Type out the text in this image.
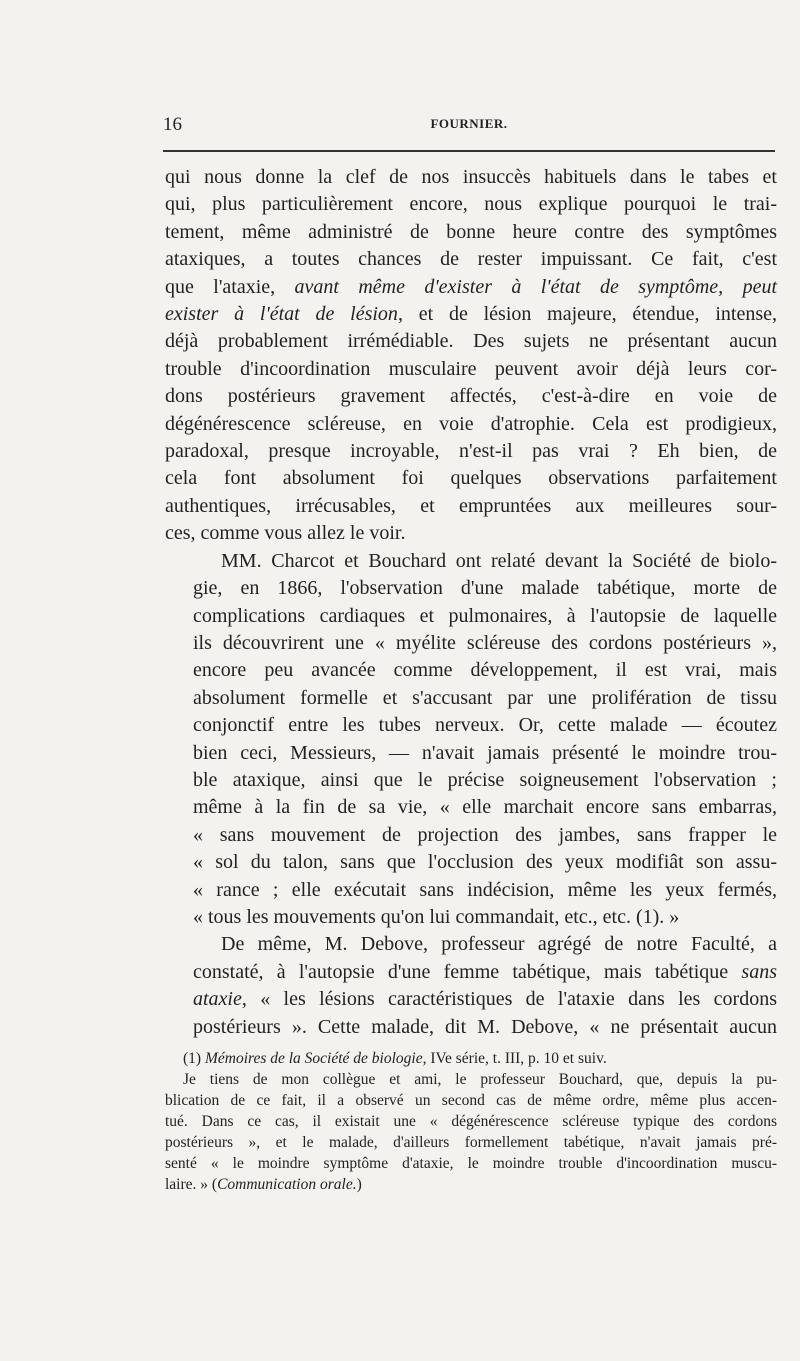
16	FOURNIER.

qui nous donne la clef de nos insuccès habituels dans le tabes et
qui, plus particulièrement encore, nous explique pourquoi le trai-
tement, même administré de bonne heure contre des symptômes
ataxiques, a toutes chances de rester impuissant. Ce fait, c'est
que l'ataxie, avant même d'exister à l'état de symptôme, peut
exister à l'état de lésion, et de lésion majeure, étendue, intense,
déjà probablement irrémédiable. Des sujets ne présentant aucun
trouble d'incoordination musculaire peuvent avoir déjà leurs cor-
dons postérieurs gravement affectés, c'est-à-dire en voie de
dégénérescence scléreuse, en voie d'atrophie. Cela est prodigieux,
paradoxal, presque incroyable, n'est-il pas vrai ? Eh bien, de
cela font absolument foi quelques observations parfaitement
authentiques, irrécusables, et empruntées aux meilleures sour-
ces, comme vous allez le voir.

MM. Charcot et Bouchard ont relaté devant la Société de biolo-
gie, en 1866, l'observation d'une malade tabétique, morte de
complications cardiaques et pulmonaires, à l'autopsie de laquelle
ils découvrirent une « myélite scléreuse des cordons postérieurs »,
encore peu avancée comme développement, il est vrai, mais
absolument formelle et s'accusant par une prolifération de tissu
conjonctif entre les tubes nerveux. Or, cette malade — écoutez
bien ceci, Messieurs, — n'avait jamais présenté le moindre trou-
ble ataxique, ainsi que le précise soigneusement l'observation ;
même à la fin de sa vie, « elle marchait encore sans embarras,
« sans mouvement de projection des jambes, sans frapper le
« sol du talon, sans que l'occlusion des yeux modifiât son assu-
« rance ; elle exécutait sans indécision, même les yeux fermés,
« tous les mouvements qu'on lui commandait, etc., etc. (1). »

De même, M. Debove, professeur agrégé de notre Faculté, a
constaté, à l'autopsie d'une femme tabétique, mais tabétique sans
ataxie, « les lésions caractéristiques de l'ataxie dans les cordons
postérieurs ». Cette malade, dit M. Debove, « ne présentait aucun

(1) Mémoires de la Société de biologie, IVe série, t. III, p. 10 et suiv.
Je tiens de mon collègue et ami, le professeur Bouchard, que, depuis la pu-
blication de ce fait, il a observé un second cas de même ordre, même plus accen-
tué. Dans ce cas, il existait une « dégénérescence scléreuse typique des cordons
postérieurs », et le malade, d'ailleurs formellement tabétique, n'avait jamais pré-
senté « le moindre symptôme d'ataxie, le moindre trouble d'incoordination muscu-
laire. » (Communication orale.)
